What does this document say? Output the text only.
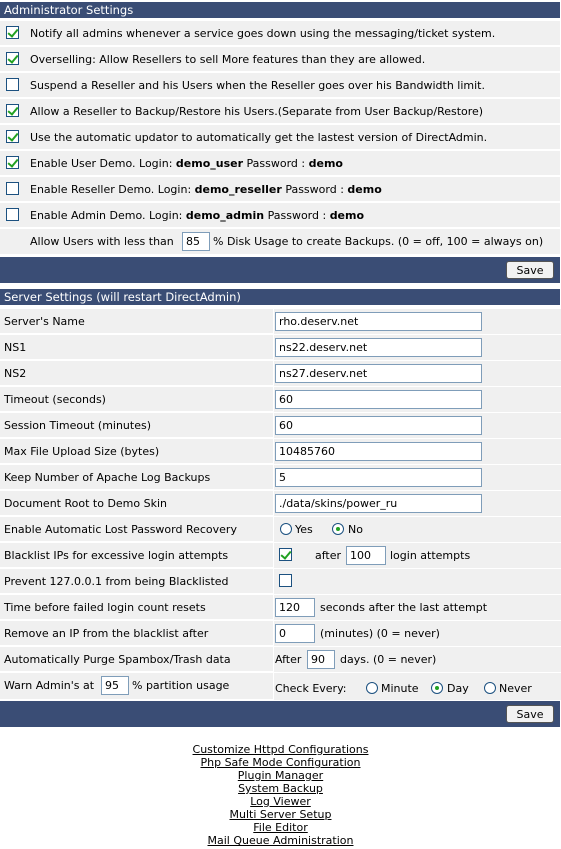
Administrator Settings
Notify all admins whenever a service goes down using the messaging/ticket system.
Overselling: Allow Resellers to sell More features than they are allowed.
Suspend a Reseller and his Users when the Reseller goes over his Bandwidth limit.
Allow a Reseller to Backup/Restore his Users.(Separate from User Backup/Restore)
Use the automatic updator to automatically get the lastest version of DirectAdmin.
Enable User Demo. Login: demo_user Password : demo
Enable Reseller Demo. Login: demo_reseller Password : demo
Enable Admin Demo. Login: demo_admin Password : demo
Allow Users with less than	85	% Disk Usage to create Backups. (0 = off, 100 = always on)
Save
Server Settings (will restart DirectAdmin)
Server's Name	rho.deserv.net
NS1	ns22.deserv.net
NS2	ns27.deserv.net
Timeout (seconds)	60
Session Timeout (minutes)	60
Max File Upload Size (bytes)	10485760
Keep Number of Apache Log Backups	5
Document Root to Demo Skin	./data/skins/power_ru
Enable Automatic Lost Password Recovery	Yes	No
Blacklist IPs for excessive login attempts	after 100	login attempts
Prevent 127.0.0.1 from being Blacklisted
Time before failed login count resets	120	seconds after the last attempt
Remove an IP from the blacklist after	0	(minutes) (0 = never)
Automatically Purge Spambox/Trash data	After 90	days. (0 = never)
Warn Admin's at 95	% partition usage	Check Every:	Minute	Day	Never
Save
Customize Httpd Configurations
Php Safe Mode Configuration
Plugin Manager
System Backup
Log Viewer
Multi Server Setup
File Editor
Mail Queue Administration
